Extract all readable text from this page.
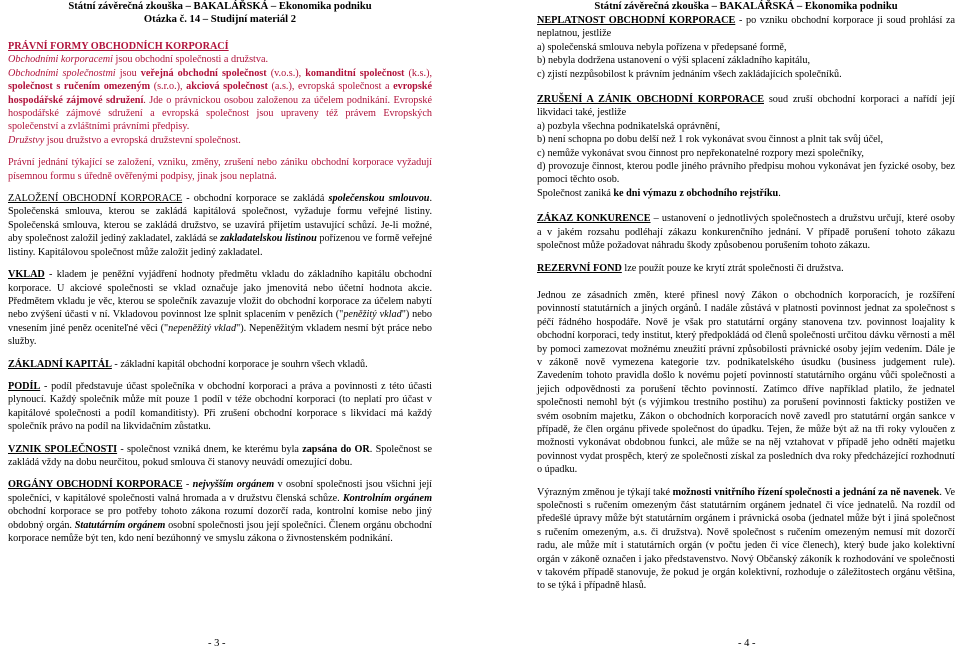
Státní závěrečná zkouška – BAKALÁŘSKÁ – Ekonomika podniku
Otázka č. 14 – Studijní materiál 2
PRÁVNÍ FORMY OBCHODNÍCH KORPORACÍ

Obchodními korporacemi jsou obchodní společnosti a družstva.
Obchodními společnostmi jsou veřejná obchodní společnost (v.o.s.), komanditní společnost (k.s.), společnost s ručením omezeným (s.r.o.), akciová společnost (a.s.), evropská společnost a evropské hospodářské zájmové sdružení. Jde o právnickou osobou založenou za účelem podnikání. Evropské hospodářské zájmové sdružení a evropská společnost jsou upraveny též právem Evropských společenství a zvláštními právními předpisy.
Družstvy jsou družstvo a evropská družstevní společnost.

Právní jednání týkající se založení, vzniku, změny, zrušení nebo zániku obchodní korporace vyžadují písemnou formu s úředně ověřenými podpisy, jinak jsou neplatná.

ZALOŽENÍ OBCHODNÍ KORPORACE - obchodní korporace se zakládá společenskou smlouvou. Společenská smlouva, kterou se zakládá kapitálová společnost, vyžaduje formu veřejné listiny. Společenská smlouva, kterou se zakládá družstvo, se uzavírá přijetím ustavující schůzí. Je-li možné, aby společnost založil jediný zakladatel, zakládá se zakladatelskou listinou pořízenou ve formě veřejné listiny. Kapitálovou společnost může založit jediný zakladatel.

VKLAD - kladem je peněžní vyjádření hodnoty předmětu vkladu do základního kapitálu obchodní korporace. U akciové společnosti se vklad označuje jako jmenovitá nebo účetní hodnota akcie. Předmětem vkladu je věc, kterou se společník zavazuje vložit do obchodní korporace za účelem nabytí nebo zvýšení účasti v ní. Vkladovou povinnost lze splnit splacením v penězích ("peněžitý vklad") nebo vnesením jiné peněz oceniteľné věci ("nepeněžitý vklad"). Nepeněžitým vkladem nesmí být práce nebo služby.

ZÁKLADNÍ KAPITÁL - základní kapitál obchodní korporace je souhrn všech vkladů.

PODÍL - podíl představuje účast společníka v obchodní korporaci a práva a povinnosti z této účasti plynoucí. Každý společník může mít pouze 1 podíl v téže obchodní korporaci (to neplatí pro účast v kapitálové společnosti a podíl komanditisty). Při zrušení obchodní korporace s likvidací má každý společník právo na podíl na likvidačním zůstatku.

VZNIK SPOLEČNOSTI - společnost vzniká dnem, ke kterému byla zapsána do OR. Společnost se zakládá vždy na dobu neurčitou, pokud smlouva či stanovy neuvádí omezující dobu.

ORGÁNY OBCHODNÍ KORPORACE - nejvyšším orgánem v osobní společnosti jsou všichni její společníci, v kapitálové společnosti valná hromada a v družstvu členská schůze. Kontrolním orgánem obchodní korporace se pro potřeby tohoto zákona rozumí dozorčí rada, kontrolní komise nebo jiný obdobný orgán. Statutárním orgánem osobní společnosti jsou její společníci. Členem orgánu obchodní korporace nemůže být ten, kdo není bezúhonný ve smyslu zákona o živnostenském podnikání.

- 3 -
Státní závěrečná zkouška – BAKALÁŘSKÁ – Ekonomika podniku
NEPLATNOST OBCHODNÍ KORPORACE - po vzniku obchodní korporace ji soud prohlásí za neplatnou, jestliže
a) společenská smlouva nebyla pořízena v předepsané formě,
b) nebyla dodržena ustanovení o výši splacení základního kapitálu,
c) zjistí nezpůsobilost k právním jednáním všech zakládajících společníků.
ZRUŠENÍ A ZÁNIK OBCHODNÍ KORPORACE soud zruší obchodní korporaci a nařídí její likvidaci také, jestliže
a) pozbyla všechna podnikatelská oprávnění,
b) není schopna po dobu delší než 1 rok vykonávat svou činnost a plnit tak svůj účel,
c) nemůže vykonávat svou činnost pro nepřekonatelné rozpory mezi společníky,
d) provozuje činnost, kterou podle jiného právního předpisu mohou vykonávat jen fyzické osoby, bez pomoci těchto osob.
Společnost zaniká ke dni výmazu z obchodního rejstříku.

ZÁKAZ KONKURENCE – ustanovení o jednotlivých společnostech a družstvu určují, které osoby a v jakém rozsahu podléhají zákazu konkurenčního jednání. V případě porušení tohoto zákazu společnost může požadovat náhradu škody způsobenou porušením tohoto zákazu.

REZERVNÍ FOND lze použít pouze ke krytí ztrát společnosti či družstva.

Jednou ze zásadních změn, které přinesl nový Zákon o obchodních korporacích, je rozšíření povinností statutárních a jiných orgánů. I nadále zůstává v platnosti povinnost jednat za společnost s péčí řádného hospodáře. Nově je však pro statutární orgány stanovena tzv. povinnost loajality k obchodní korporaci, tedy institut, který předpokládá od členů společnosti určitou dávku věrnosti a měl by pomoci zamezovat možnému zneužití právní způsobilosti právnické osoby jejím vedením. Dále je v zákoně nově vymezena kategorie tzv. podnikatelského úsudku (business judgement rule). Zavedením tohoto pravidla došlo k novému pojetí povinností statutárního orgánu vůči společnosti a jejich odpovědnosti za porušení těchto povinností. Zatímco dříve například platilo, že jednatel společnosti nemohl být (s výjimkou trestního postihu) za porušení povinnosti fakticky postižen ve svém osobním majetku, Zákon o obchodních korporacích nově zavedl pro statutární orgán sankce v případě, že člen orgánu přivede společnost do úpadku. Tejen, že může být až na tři roky vyloučen z možnosti vykonávat obdobnou funkci, ale může se na něj vztahovat v případě jeho odnětí majetku povinnost vydat prospěch, který ze společnosti získal za posledních dva roky předcházející rozhodnutí o úpadku.

Výrazným změnou je týkají také možnosti vnitřního řízení společnosti a jednání za ně navenek. Ve společnosti s ručením omezeným část statutárním orgánem jednatel či více jednatelů. Na rozdíl od předešlé úpravy může být statutárním orgánem i právnická osoba (jednatel může být i jiná společnost s ručením omezeným, a.s. či družstva). Nově společnost s ručením omezeným nemusí mít dozorčí radu, ale může mít i statutárních orgán (v počtu jeden či více členech), který bude jako kolektivní orgán v zákoně označen i jako představenstvo. Nový Občanský zákoník k rozhodování ve společnosti v takovém případě stanovuje, že pokud je orgán kolektivní, rozhoduje o záležitostech orgánu většina, to se týká i případně hlasů.

- 4 -
